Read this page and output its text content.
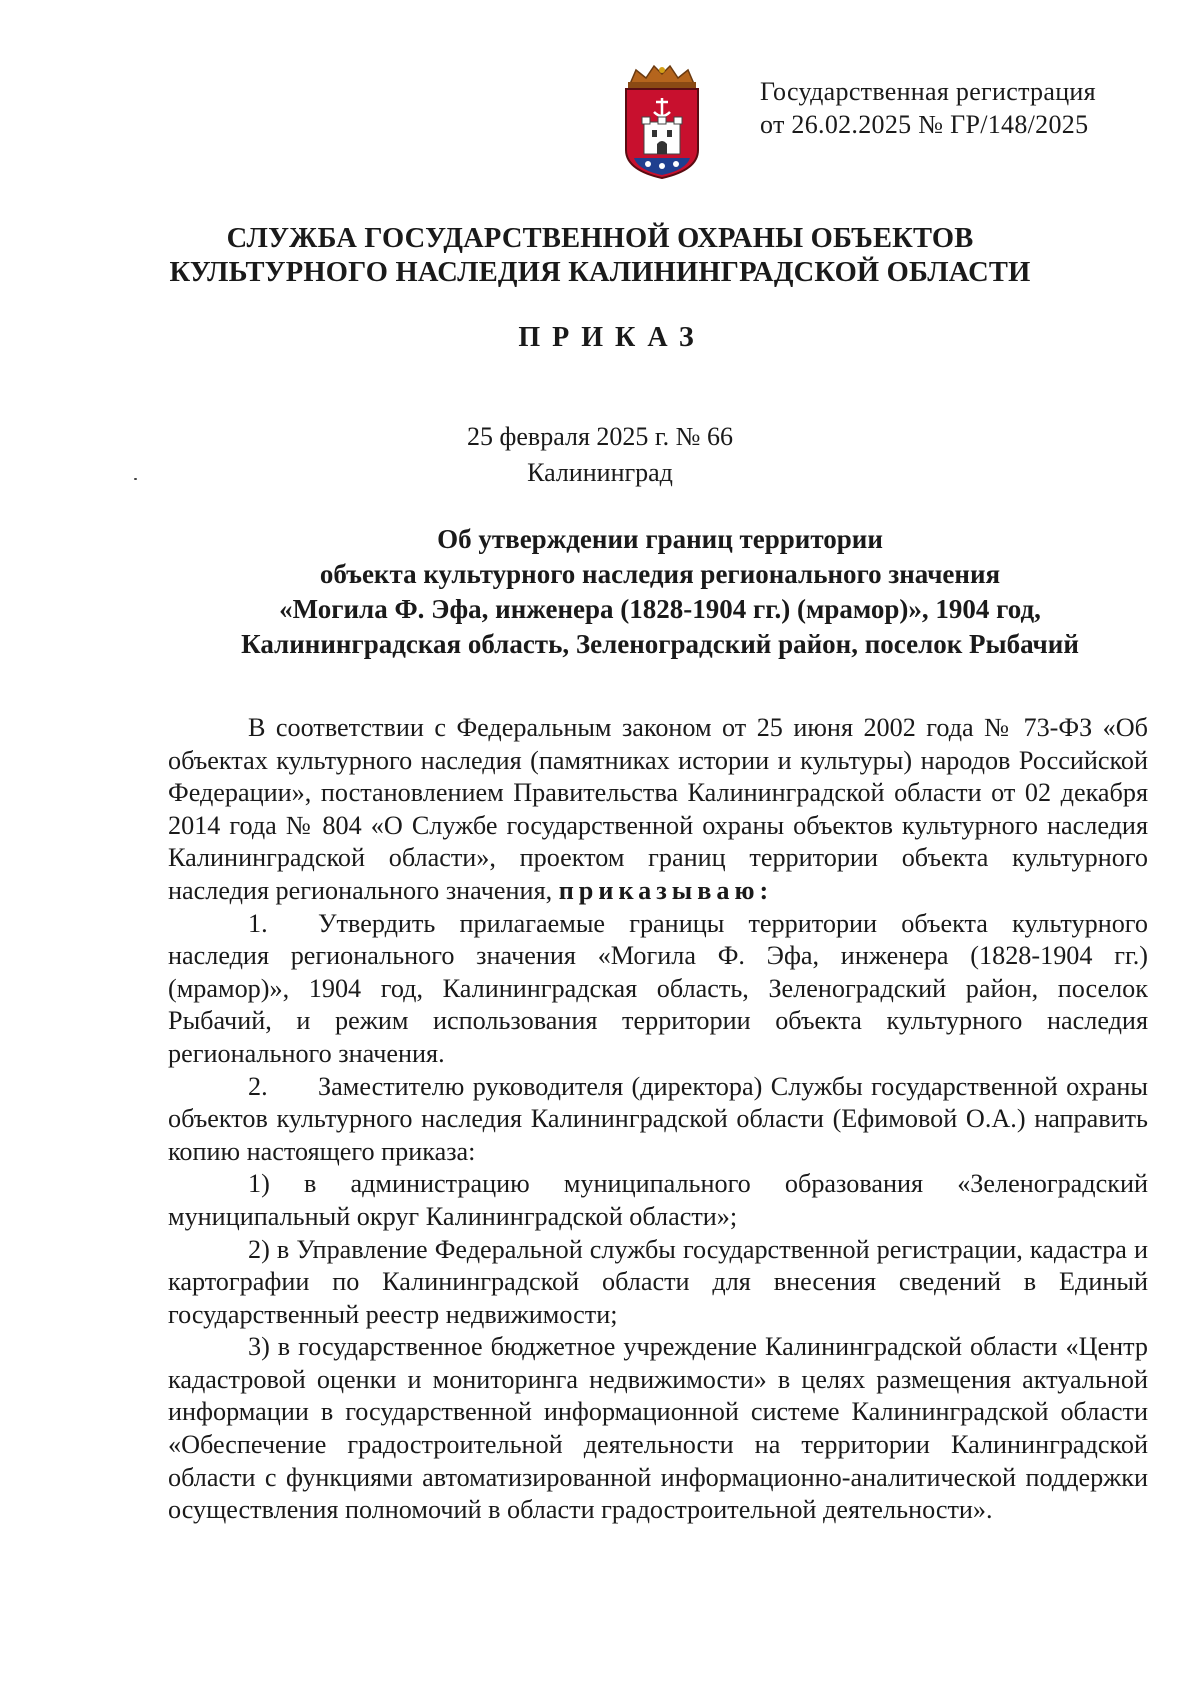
Государственная регистрация
от 26.02.2025 № ГР/148/2025
СЛУЖБА ГОСУДАРСТВЕННОЙ ОХРАНЫ ОБЪЕКТОВ
КУЛЬТУРНОГО НАСЛЕДИЯ КАЛИНИНГРАДСКОЙ ОБЛАСТИ
ПРИКАЗ
25 февраля 2025 г. № 66
Калининград
Об утверждении границ территории
объекта культурного наследия регионального значения
«Могила Ф. Эфа, инженера (1828-1904 гг.) (мрамор)», 1904 год,
Калининградская область, Зеленоградский район, поселок Рыбачий

В соответствии с Федеральным законом от 25 июня 2002 года № 73-ФЗ «Об объектах культурного наследия (памятниках истории и культуры) народов Российской Федерации», постановлением Правительства Калининградской области от 02 декабря 2014 года № 804 «О Службе государственной охраны объектов культурного наследия Калининградской области», проектом границ территории объекта культурного наследия регионального значения, приказываю:

1. Утвердить прилагаемые границы территории объекта культурного наследия регионального значения «Могила Ф. Эфа, инженера (1828-1904 гг.) (мрамор)», 1904 год, Калининградская область, Зеленоградский район, поселок Рыбачий, и режим использования территории объекта культурного наследия регионального значения.

2. Заместителю руководителя (директора) Службы государственной охраны объектов культурного наследия Калининградской области (Ефимовой О.А.) направить копию настоящего приказа:

1) в администрацию муниципального образования «Зеленоградский муниципальный округ Калининградской области»;

2) в Управление Федеральной службы государственной регистрации, кадастра и картографии по Калининградской области для внесения сведений в Единый государственный реестр недвижимости;

3) в государственное бюджетное учреждение Калининградской области «Центр кадастровой оценки и мониторинга недвижимости» в целях размещения актуальной информации в государственной информационной системе Калининградской области «Обеспечение градостроительной деятельности на территории Калининградской области с функциями автоматизированной информационно-аналитической поддержки осуществления полномочий в области градостроительной деятельности».
